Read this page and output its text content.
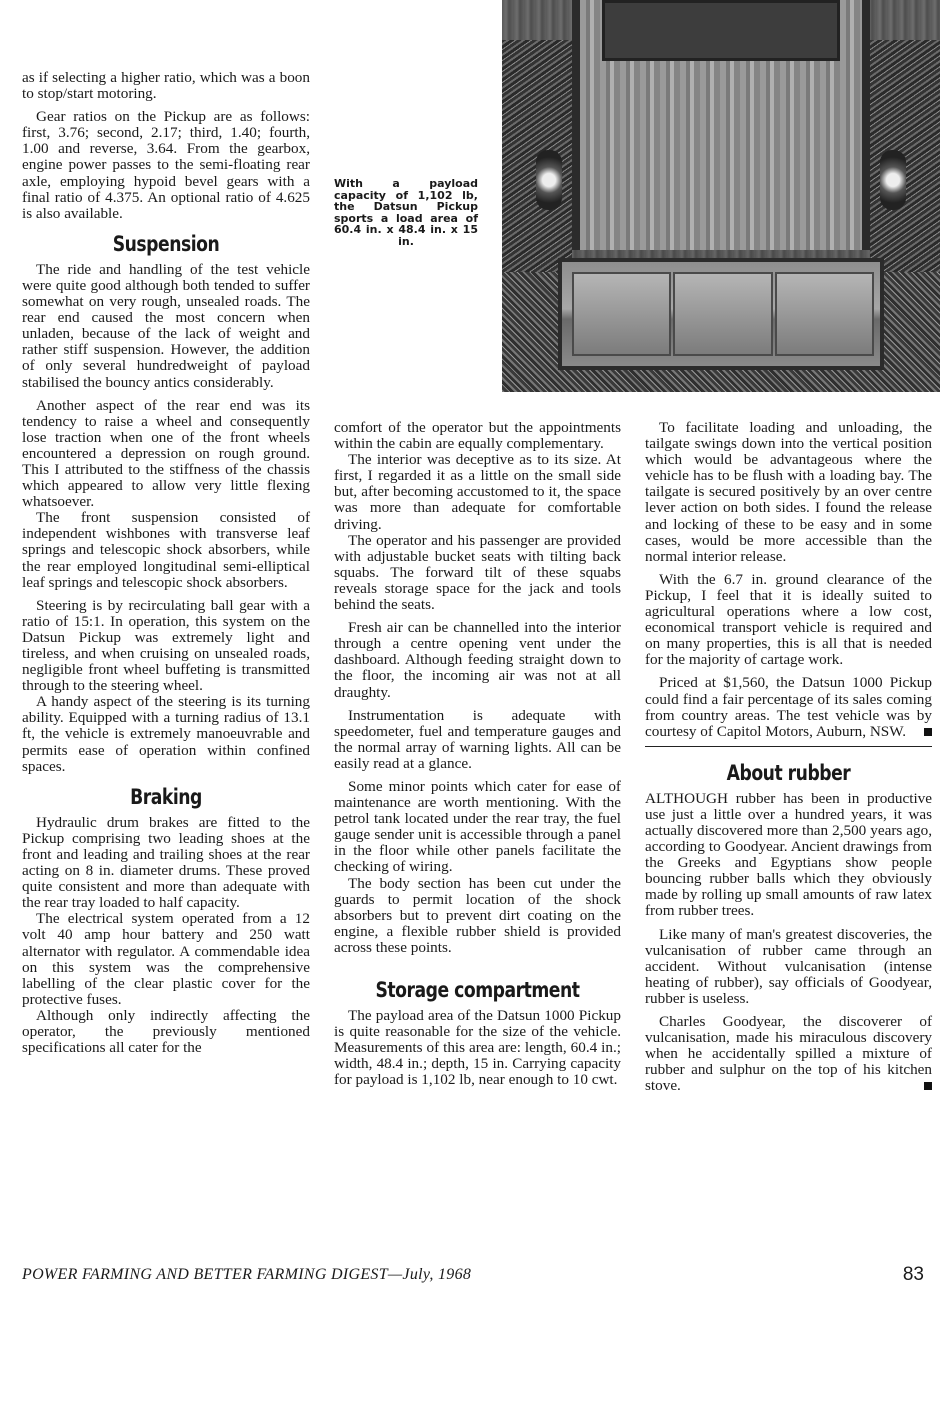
With a payload capacity of 1,102 lb, the Datsun Pickup sports a load area of 60.4 in. x 48.4 in. x 15 in.

as if selecting a higher ratio, which was a boon to stop/start motoring.

Gear ratios on the Pickup are as follows: first, 3.76; second, 2.17; third, 1.40; fourth, 1.00 and reverse, 3.64. From the gearbox, engine power passes to the semi-floating rear axle, employing hypoid bevel gears with a final ratio of 4.375. An optional ratio of 4.625 is also available.

Suspension

The ride and handling of the test vehicle were quite good although both tended to suffer somewhat on very rough, unsealed roads. The rear end caused the most concern when unladen, because of the lack of weight and rather stiff suspension. However, the addition of only several hundredweight of payload stabilised the bouncy antics considerably.

Another aspect of the rear end was its tendency to raise a wheel and consequently lose traction when one of the front wheels encountered a depression on rough ground. This I attributed to the stiffness of the chassis which appeared to allow very little flexing whatsoever.

The front suspension consisted of independent wishbones with transverse leaf springs and telescopic shock absorbers, while the rear employed longitudinal semi-elliptical leaf springs and telescopic shock absorbers.

Steering is by recirculating ball gear with a ratio of 15:1. In operation, this system on the Datsun Pickup was extremely light and tireless, and when cruising on unsealed roads, negligible front wheel buffeting is transmitted through to the steering wheel.

A handy aspect of the steering is its turning ability. Equipped with a turning radius of 13.1 ft, the vehicle is extremely manoeuvrable and permits ease of operation within confined spaces.

Braking

Hydraulic drum brakes are fitted to the Pickup comprising two leading shoes at the front and leading and trailing shoes at the rear acting on 8 in. diameter drums. These proved quite consistent and more than adequate with the rear tray loaded to half capacity.

The electrical system operated from a 12 volt 40 amp hour battery and 250 watt alternator with regulator. A commendable idea on this system was the comprehensive labelling of the clear plastic cover for the protective fuses.

Although only indirectly affecting the operator, the previously mentioned specifications all cater for the

comfort of the operator but the appointments within the cabin are equally complementary.

The interior was deceptive as to its size. At first, I regarded it as a little on the small side but, after becoming accustomed to it, the space was more than adequate for comfortable driving.

The operator and his passenger are provided with adjustable bucket seats with tilting back squabs. The forward tilt of these squabs reveals storage space for the jack and tools behind the seats.

Fresh air can be channelled into the interior through a centre opening vent under the dashboard. Although feeding straight down to the floor, the incoming air was not at all draughty.

Instrumentation is adequate with speedometer, fuel and temperature gauges and the normal array of warning lights. All can be easily read at a glance.

Some minor points which cater for ease of maintenance are worth mentioning. With the petrol tank located under the rear tray, the fuel gauge sender unit is accessible through a panel in the floor while other panels facilitate the checking of wiring.

The body section has been cut under the guards to permit location of the shock absorbers but to prevent dirt coating on the engine, a flexible rubber shield is provided across these points.

Storage compartment

The payload area of the Datsun 1000 Pickup is quite reasonable for the size of the vehicle. Measurements of this area are: length, 60.4 in.; width, 48.4 in.; depth, 15 in. Carrying capacity for payload is 1,102 lb, near enough to 10 cwt.

To facilitate loading and unloading, the tailgate swings down into the vertical position which would be advantageous where the vehicle has to be flush with a loading bay. The tailgate is secured positively by an over centre lever action on both sides. I found the release and locking of these to be easy and in some cases, would be more accessible than the normal interior release.

With the 6.7 in. ground clearance of the Pickup, I feel that it is ideally suited to agricultural operations where a low cost, economical transport vehicle is required and on many properties, this is all that is needed for the majority of cartage work.

Priced at $1,560, the Datsun 1000 Pickup could find a fair percentage of its sales coming from country areas. The test vehicle was by courtesy of Capitol Motors, Auburn, NSW.

About rubber

ALTHOUGH rubber has been in productive use just a little over a hundred years, it was actually discovered more than 2,500 years ago, according to Goodyear. Ancient drawings from the Greeks and Egyptians show people bouncing rubber balls which they obviously made by rolling up small amounts of raw latex from rubber trees.

Like many of man's greatest discoveries, the vulcanisation of rubber came through an accident. Without vulcanisation (intense heating of rubber), say officials of Goodyear, rubber is useless.

Charles Goodyear, the discoverer of vulcanisation, made his miraculous discovery when he accidentally spilled a mixture of rubber and sulphur on the top of his kitchen stove.

POWER FARMING AND BETTER FARMING DIGEST—July, 1968	83
